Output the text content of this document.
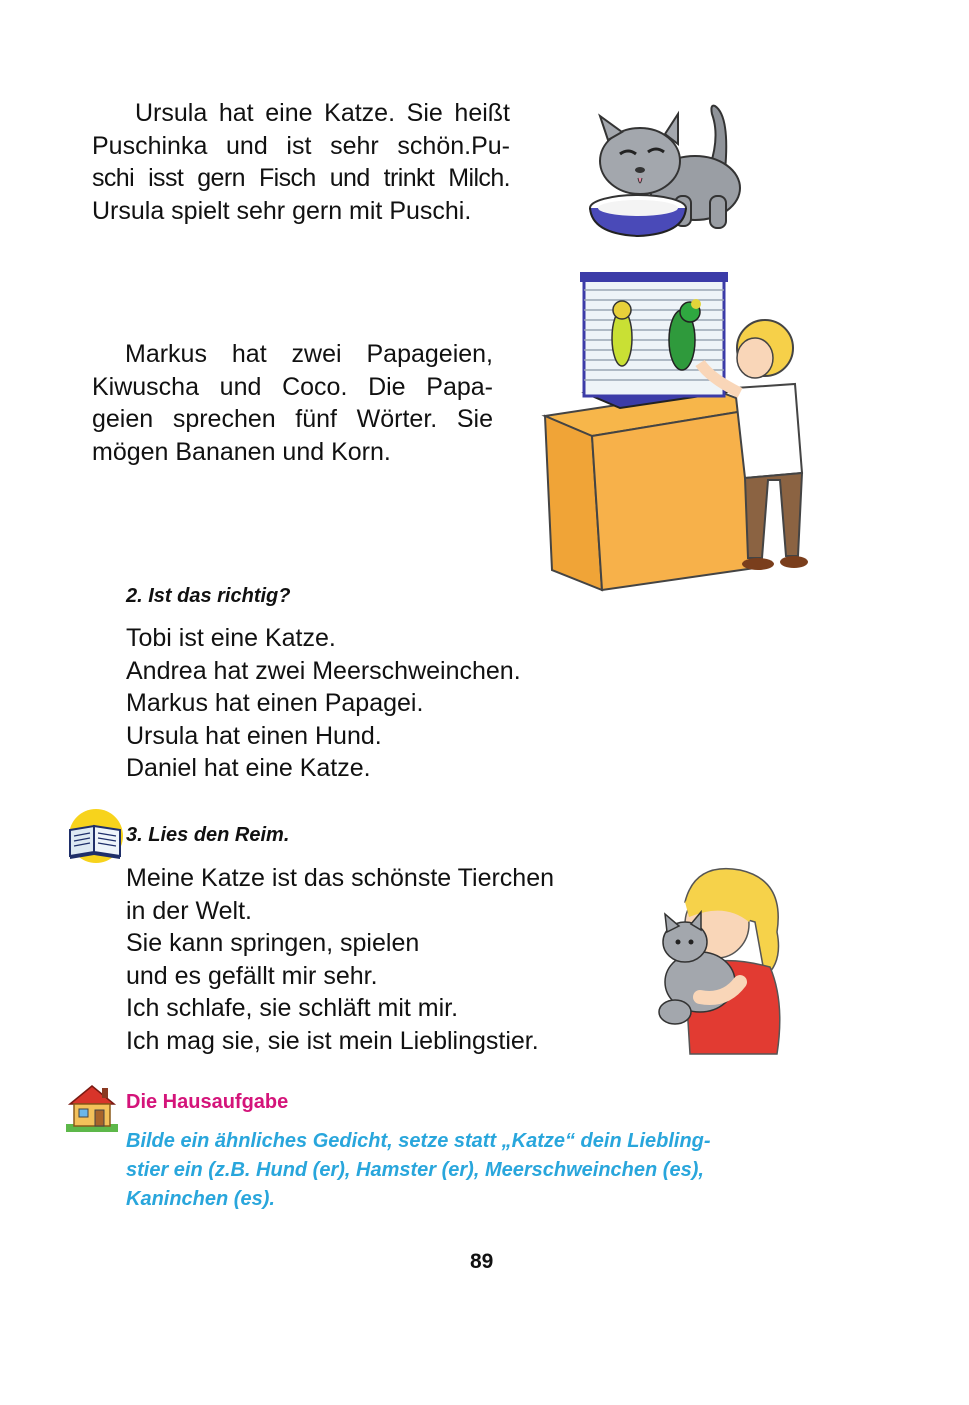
Ursula hat eine Katze. Sie heißt
Puschinka und ist sehr schön.Pu-
schi isst gern Fisch und trinkt Milch.
Ursula spielt sehr gern mit Puschi.
Markus hat zwei Papageien,
Kiwuscha und Coco. Die Papa-
geien sprechen fünf Wörter. Sie
mögen Bananen und Korn.
2. Ist das richtig?
Tobi ist eine Katze.
Andrea hat zwei Meerschweinchen.
Markus hat einen Papagei.
Ursula hat einen Hund.
Daniel hat eine Katze.
3. Lies den Reim.
Meine Katze ist das schönste Tierchen
in der Welt.
Sie kann springen, spielen
und es gefällt mir sehr.
Ich schlafe, sie schläft mit mir.
Ich mag sie, sie ist mein Lieblingstier.
Die Hausaufgabe
Bilde ein ähnliches Gedicht, setze statt „Katze“ dein Liebling-
stier ein (z.B. Hund (er), Hamster (er), Meerschweinchen (es),
Kaninchen (es).
89
